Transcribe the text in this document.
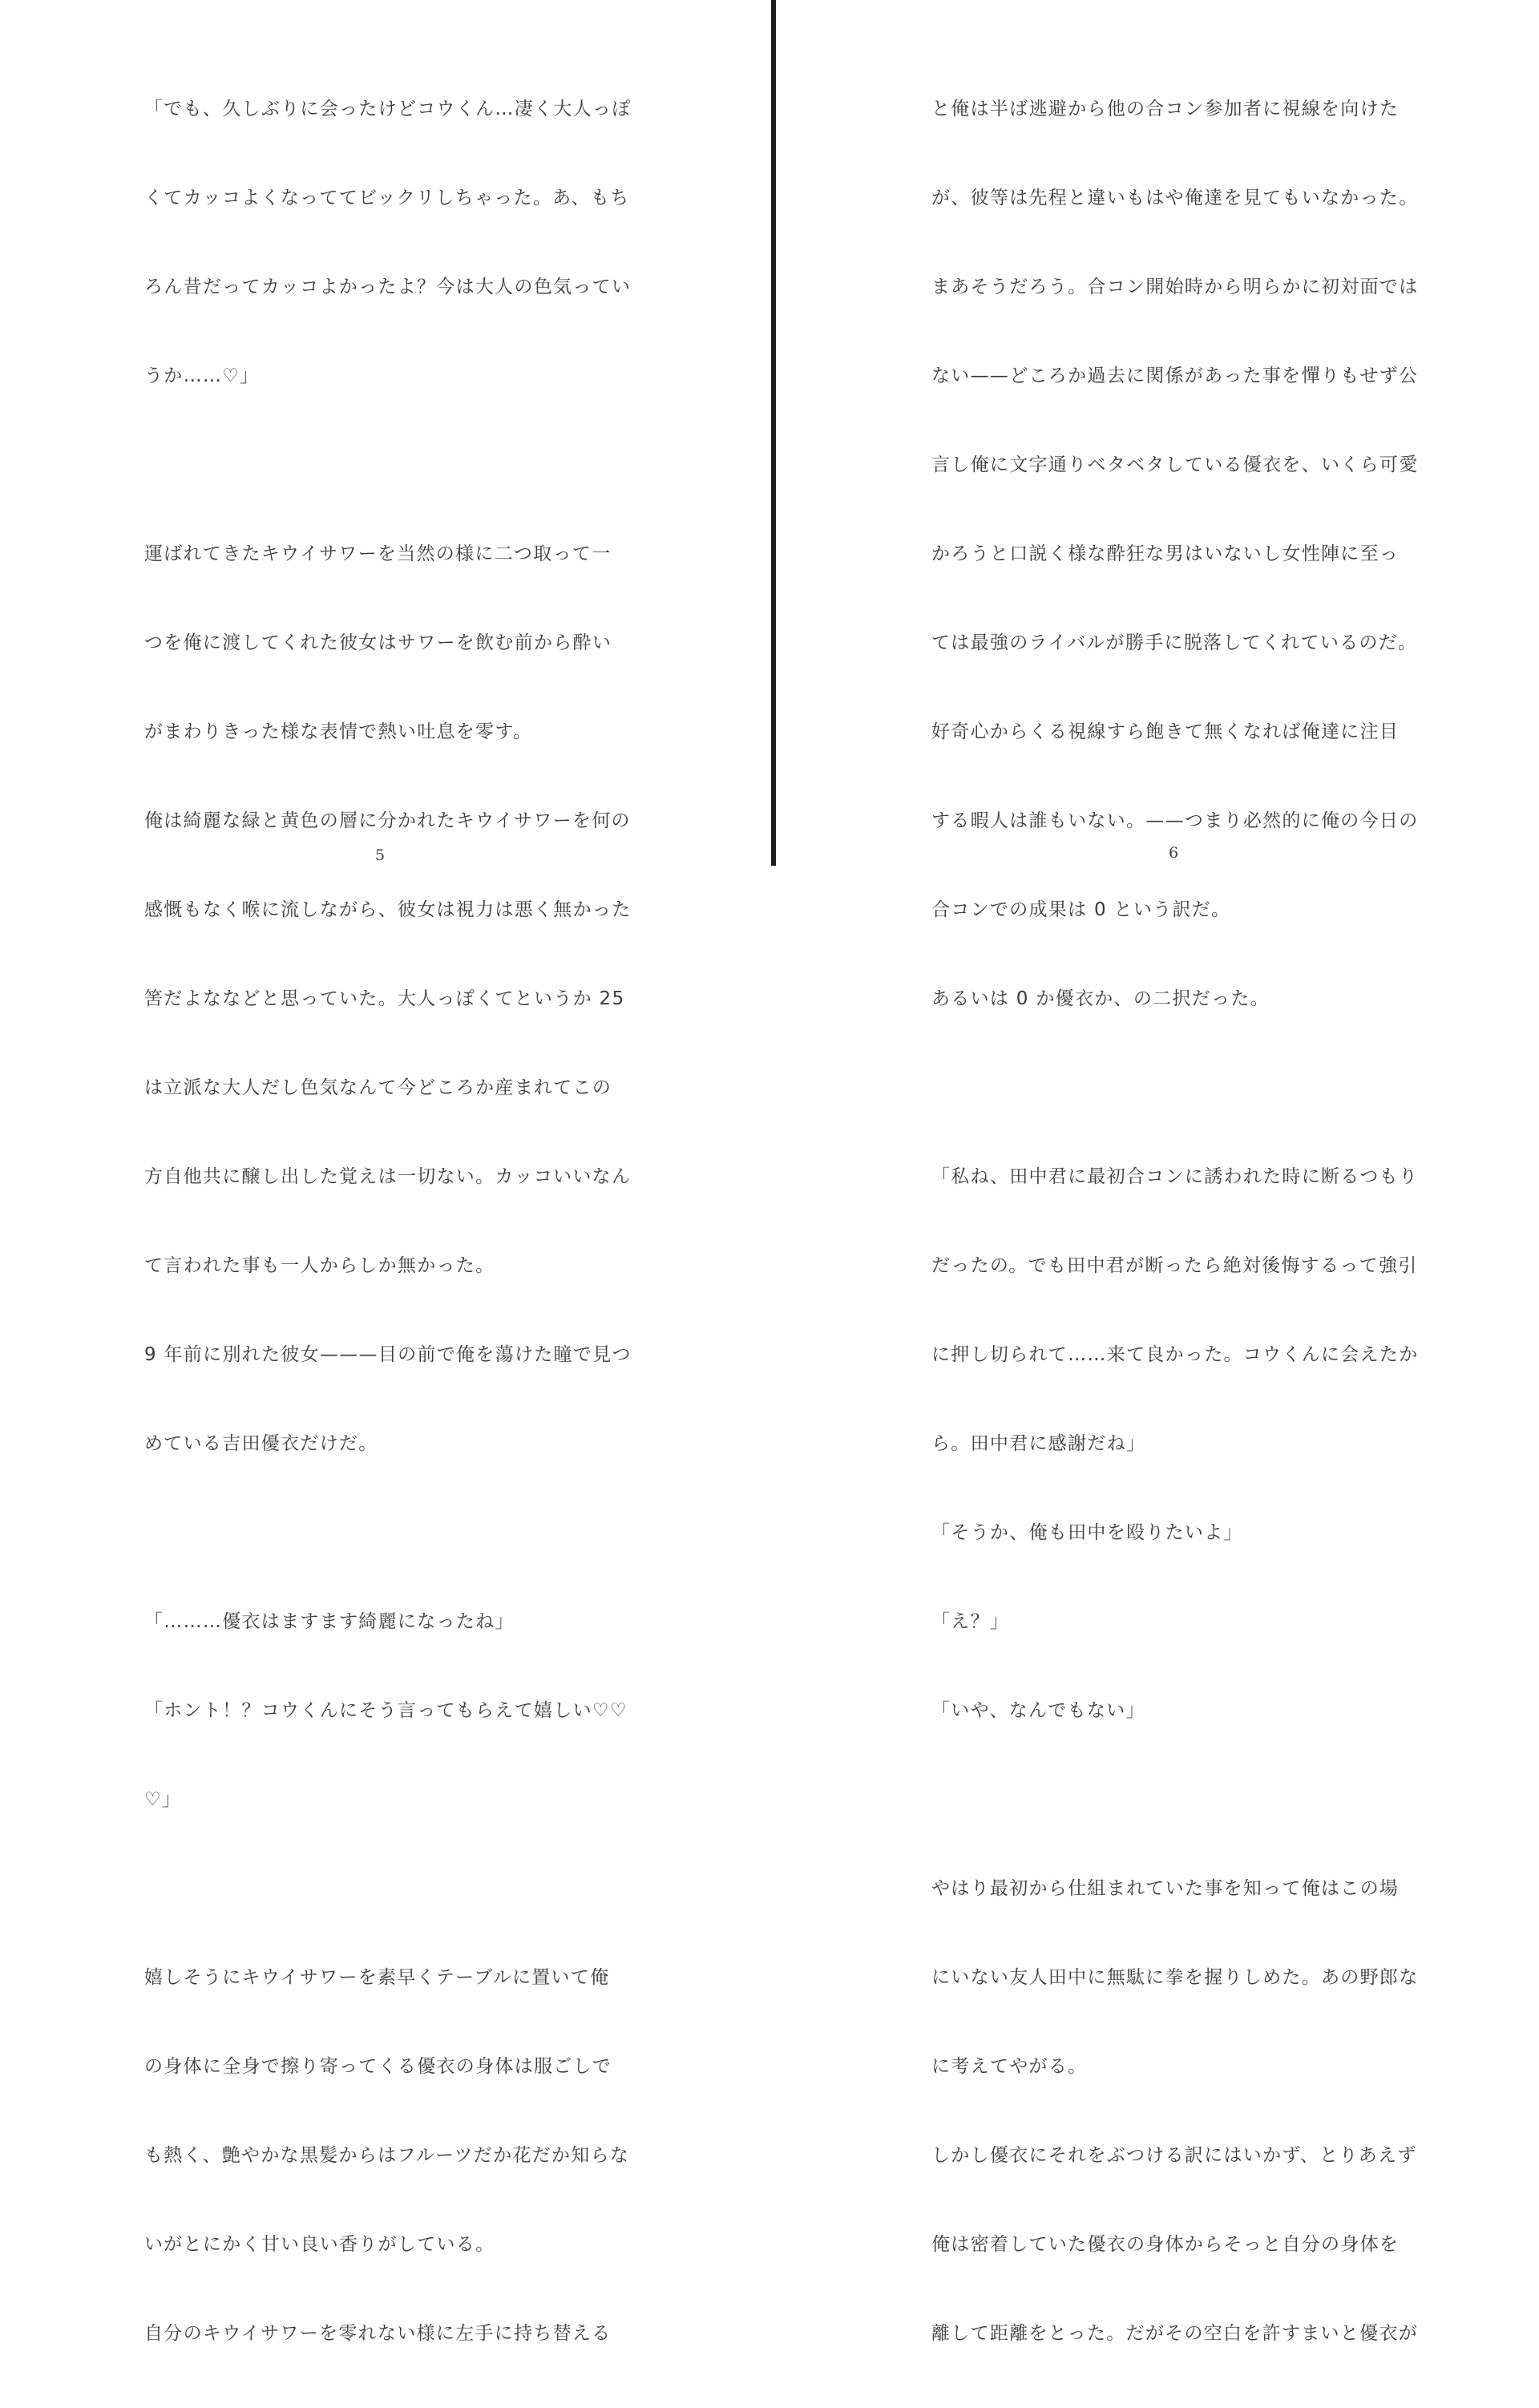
「でも、久しぶりに会ったけどコウくん…凄く大人っぽ

くてカッコよくなっててビックリしちゃった。あ、もち

ろん昔だってカッコよかったよ？今は大人の色気ってい

うか……♡」

運ばれてきたキウイサワーを当然の様に二つ取って一

つを俺に渡してくれた彼女はサワーを飲む前から酔い

がまわりきった様な表情で熱い吐息を零す。

俺は綺麗な緑と黄色の層に分かれたキウイサワーを何の

感慨もなく喉に流しながら、彼女は視力は悪く無かった

筈だよななどと思っていた。大人っぽくてというか 25

は立派な大人だし色気なんて今どころか産まれてこの

方自他共に醸し出した覚えは一切ない。カッコいいなん

て言われた事も一人からしか無かった。

9 年前に別れた彼女———目の前で俺を蕩けた瞳で見つ

めている吉田優衣だけだ。

「………優衣はますます綺麗になったね」

「ホント！？コウくんにそう言ってもらえて嬉しい♡♡

♡」

嬉しそうにキウイサワーを素早くテーブルに置いて俺

の身体に全身で擦り寄ってくる優衣の身体は服ごしで

も熱く、艶やかな黒髪からはフルーツだか花だか知らな

いがとにかく甘い良い香りがしている。

自分のキウイサワーを零れない様に左手に持ち替える

5

と俺は半ば逃避から他の合コン参加者に視線を向けた

が、彼等は先程と違いもはや俺達を見てもいなかった。

まあそうだろう。合コン開始時から明らかに初対面では

ない——どころか過去に関係があった事を憚りもせず公

言し俺に文字通りベタベタしている優衣を、いくら可愛

かろうと口説く様な酔狂な男はいないし女性陣に至っ

ては最強のライバルが勝手に脱落してくれているのだ。

好奇心からくる視線すら飽きて無くなれば俺達に注目

する暇人は誰もいない。——つまり必然的に俺の今日の

合コンでの成果は 0 という訳だ。

あるいは 0 か優衣か、の二択だった。

「私ね、田中君に最初合コンに誘われた時に断るつもり

だったの。でも田中君が断ったら絶対後悔するって強引

に押し切られて……来て良かった。コウくんに会えたか

ら。田中君に感謝だね」

「そうか、俺も田中を殴りたいよ」

「え？」

「いや、なんでもない」

やはり最初から仕組まれていた事を知って俺はこの場

にいない友人田中に無駄に拳を握りしめた。あの野郎な

に考えてやがる。

しかし優衣にそれをぶつける訳にはいかず、とりあえず

俺は密着していた優衣の身体からそっと自分の身体を

離して距離をとった。だがその空白を許すまいと優衣が

6
